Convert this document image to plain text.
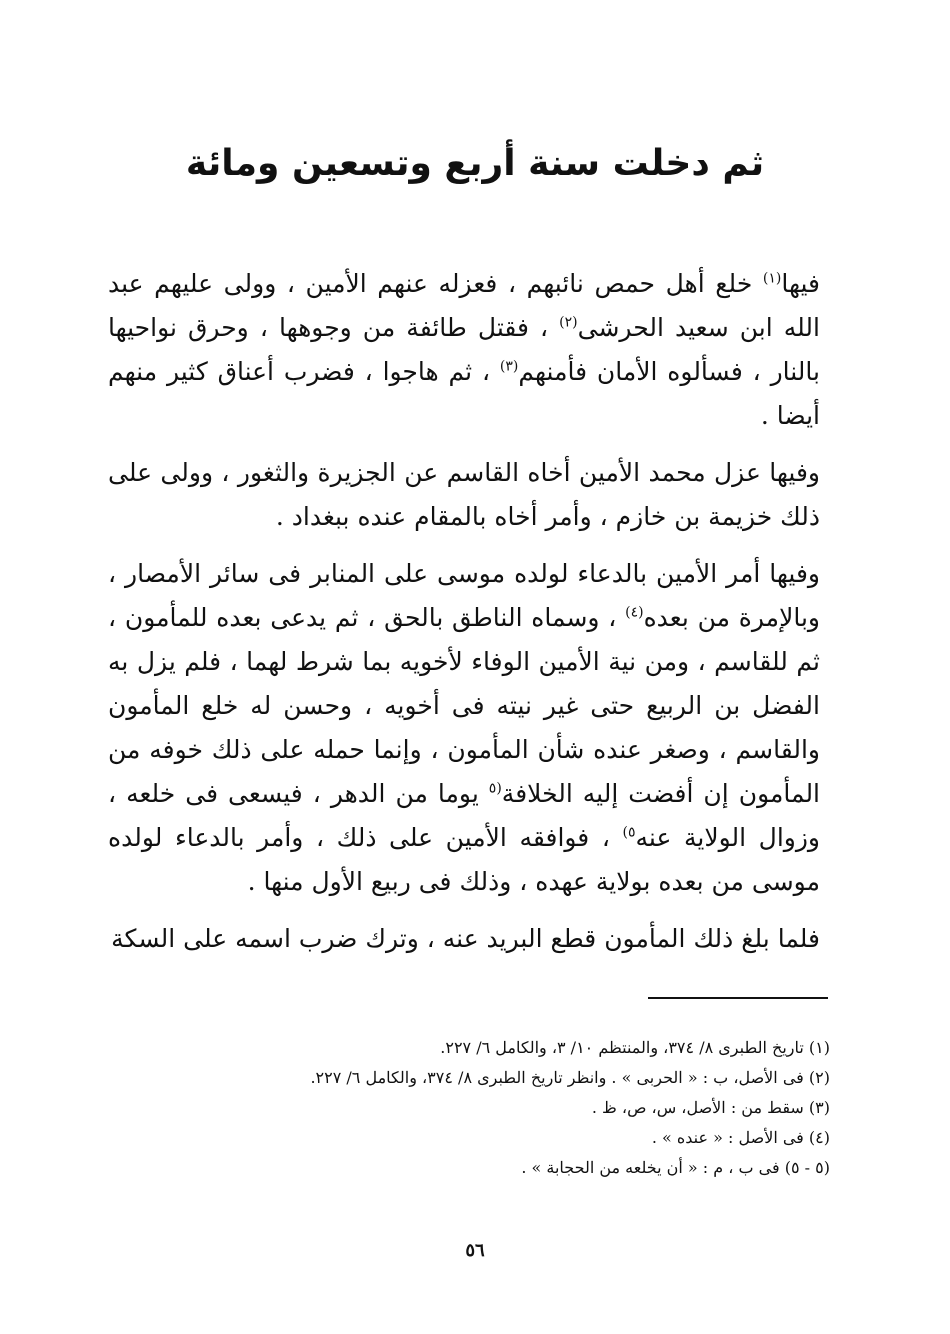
ثم دخلت سنة أربع وتسعين ومائة

فيها$^{(١)}$ خلع أهل حمص نائبهم ، فعزله عنهم الأمين ، وولى عليهم عبد الله ابن سعيد الحرشى$^{(٢)}$ ، فقتل طائفة من وجوهها ، وحرق نواحيها بالنار ، فسألوه الأمان فأمنهم$^{(٣)}$ ، ثم هاجوا ، فضرب أعناق كثير منهم أيضا .

وفيها عزل محمد الأمين أخاه القاسم عن الجزيرة والثغور ، وولى على ذلك خزيمة بن خازم ، وأمر أخاه بالمقام عنده ببغداد .

وفيها أمر الأمين بالدعاء لولده موسى على المنابر فى سائر الأمصار ، وبالإمرة من بعده$^{(٤)}$ ، وسماه الناطق بالحق ، ثم يدعى بعده للمأمون ، ثم للقاسم ، ومن نية الأمين الوفاء لأخويه بما شرط لهما ، فلم يزل به الفضل بن الربيع حتى غير نيته فى أخويه ، وحسن له خلع المأمون والقاسم ، وصغر عنده شأن المأمون ، وإنما حمله على ذلك خوفه من المأمون إن أفضت إليه الخلافة$^{(٥}$ يوما من الدهر ، فيسعى فى خلعه ، وزوال الولاية عنه$^{٥)}$ ، فوافقه الأمين على ذلك ، وأمر بالدعاء لولده موسى من بعده بولاية عهده ، وذلك فى ربيع الأول منها .

فلما بلغ ذلك المأمون قطع البريد عنه ، وترك ضرب اسمه على السكة

(١) تاريخ الطبرى ٨/ ٣٧٤، والمنتظم ١٠/ ٣، والكامل ٦/ ٢٢٧.

(٢) فى الأصل، ب : « الحربى » . وانظر تاريخ الطبرى ٨/ ٣٧٤، والكامل ٦/ ٢٢٧.

(٣) سقط من : الأصل، س، ص، ظ .

(٤) فى الأصل : « عنده » .

(٥ - ٥) فى ب ، م : « أن يخلعه من الحجابة » .

٥٦
